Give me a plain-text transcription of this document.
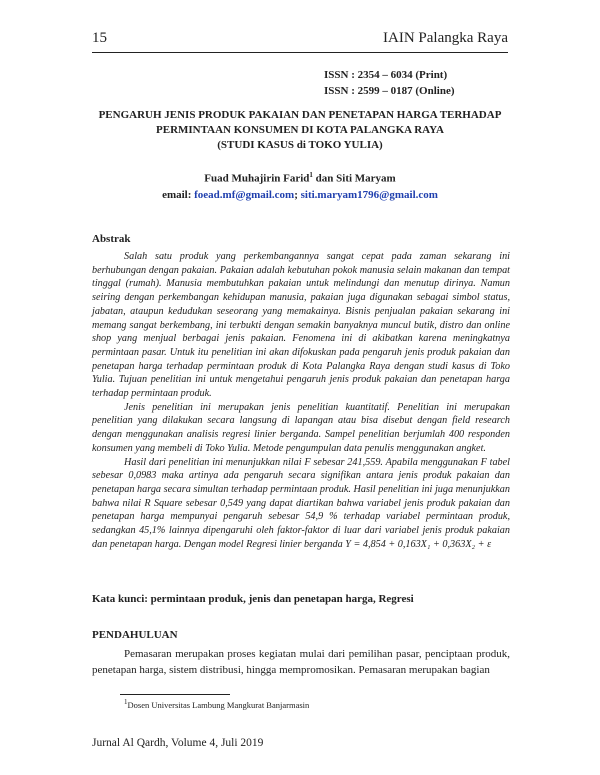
15	IAIN Palangka Raya
ISSN : 2354 – 6034 (Print)
ISSN : 2599 – 0187 (Online)
PENGARUH JENIS PRODUK PAKAIAN DAN PENETAPAN HARGA TERHADAP
PERMINTAAN KONSUMEN DI KOTA PALANGKA RAYA
(STUDI KASUS di TOKO YULIA)
Fuad Muhajirin Farid$^1$ dan Siti Maryam
email: foead.mf@gmail.com; siti.maryam1796@gmail.com
Abstrak

Salah satu produk yang perkembangannya sangat cepat pada zaman sekarang ini berhubungan dengan pakaian. Pakaian adalah kebutuhan pokok manusia selain makanan dan tempat tinggal (rumah). Manusia membutuhkan pakaian untuk melindungi dan menutup dirinya. Namun seiring dengan perkembangan kehidupan manusia, pakaian juga digunakan sebagai simbol status, jabatan, ataupun kedudukan seseorang yang memakainya. Bisnis penjualan pakaian sekarang ini memang sangat berkembang, ini terbukti dengan semakin banyaknya muncul butik, distro dan online shop yang menjual berbagai jenis pakaian. Fenomena ini di akibatkan karena meningkatnya permintaan pasar. Untuk itu penelitian ini akan difokuskan pada pengaruh jenis produk pakaian dan penetapan harga terhadap permintaan produk di Kota Palangka Raya dengan studi kasus di Toko Yulia. Tujuan penelitian ini untuk mengetahui pengaruh jenis produk pakaian dan penetapan harga terhadap permintaan produk.

Jenis penelitian ini merupakan jenis penelitian kuantitatif. Penelitian ini merupakan penelitian yang dilakukan secara langsung di lapangan atau bisa disebut dengan field research dengan menggunakan analisis regresi linier berganda. Sampel penelitian berjumlah 400 responden konsumen yang membeli di Toko Yulia. Metode pengumpulan data penulis menggunakan angket.

Hasil dari penelitian ini menunjukkan nilai F sebesar 241,559. Apabila menggunakan F tabel sebesar 0,0983 maka artinya ada pengaruh secara signifikan antara jenis produk pakaian dan penetapan harga secara simultan terhadap permintaan produk. Hasil penelitian ini juga menunjukkan bahwa nilai R Square sebesar 0,549 yang dapat diartikan bahwa variabel jenis produk pakaian dan penetapan harga mempunyai pengaruh sebesar 54,9 % terhadap variabel permintaan produk, sedangkan 45,1% lainnya dipengaruhi oleh faktor-faktor di luar dari variabel jenis produk pakaian dan penetapan harga. Dengan model Regresi linier berganda Y = 4,854 + 0,163X₁ + 0,363X₂ + ε

Kata kunci: permintaan produk, jenis dan penetapan harga, Regresi
PENDAHULUAN

Pemasaran merupakan proses kegiatan mulai dari pemilihan pasar, penciptaan produk, penetapan harga, sistem distribusi, hingga mempromosikan. Pemasaran merupakan bagian

$^1$Dosen Universitas Lambung Mangkurat Banjarmasin
Jurnal Al Qardh, Volume 4, Juli 2019
